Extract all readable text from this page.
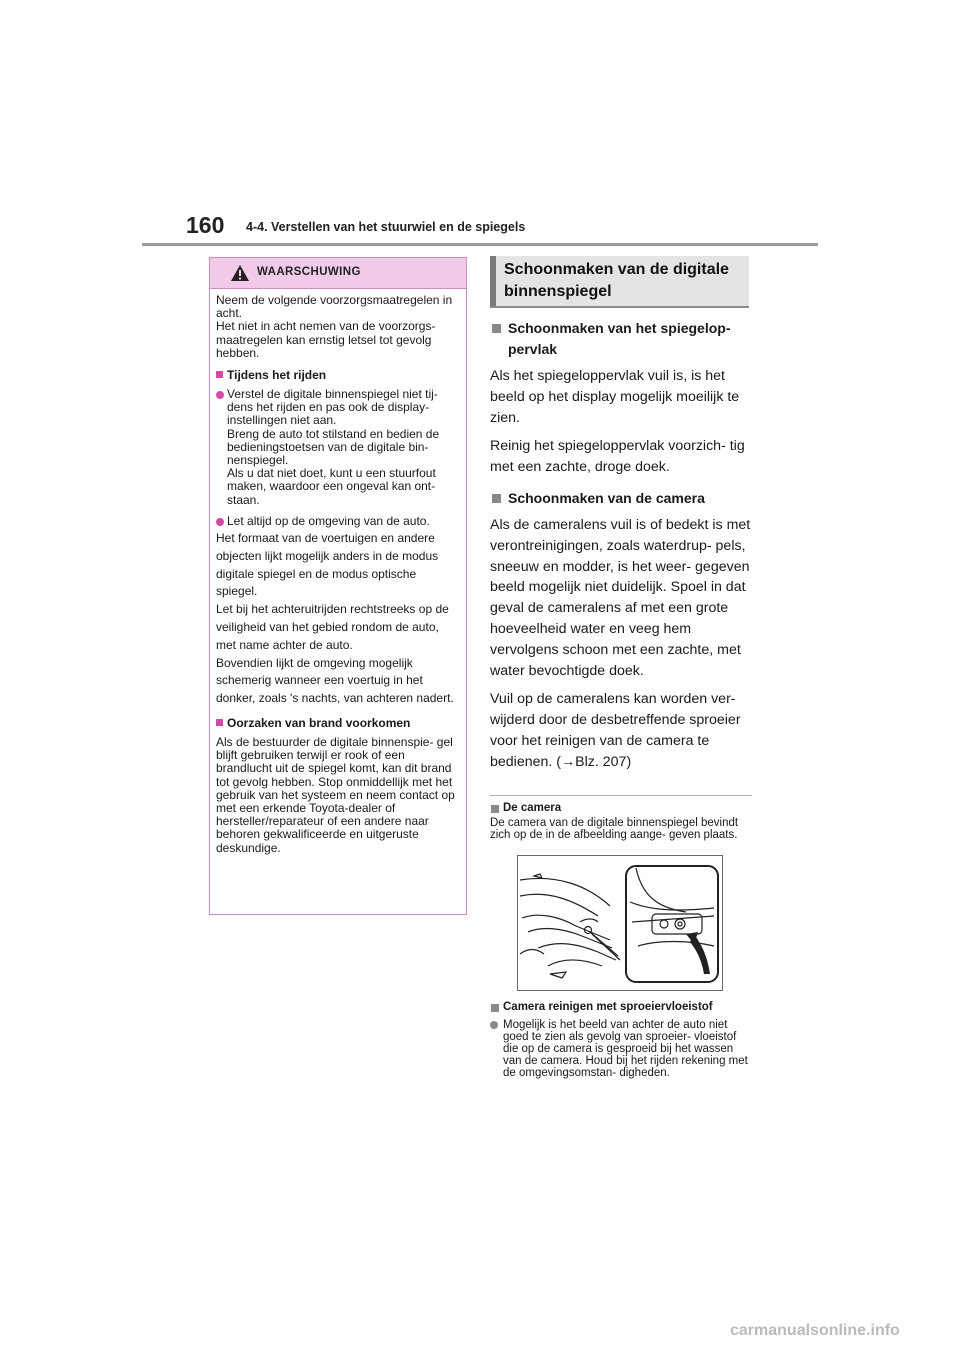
160 4-4. Verstellen van het stuurwiel en de spiegels
WAARSCHUWING

Neem de volgende voorzorgsmaatregelen in acht.
Het niet in acht nemen van de voorzorgs- maatregelen kan ernstig letsel tot gevolg hebben.

Tijdens het rijden

Verstel de digitale binnenspiegel niet tij- dens het rijden en pas ook de display- instellingen niet aan.
Breng de auto tot stilstand en bedien de bedieningstoetsen van de digitale bin- nenspiegel.
Als u dat niet doet, kunt u een stuurfout maken, waardoor een ongeval kan ont- staan.
Let altijd op de omgeving van de auto.

Het formaat van de voertuigen en andere objecten lijkt mogelijk anders in de modus digitale spiegel en de modus optische spiegel.
Let bij het achteruitrijden rechtstreeks op de veiligheid van het gebied rondom de auto, met name achter de auto.
Bovendien lijkt de omgeving mogelijk schemerig wanneer een voertuig in het donker, zoals 's nachts, van achteren nadert.

Oorzaken van brand voorkomen

Als de bestuurder de digitale binnenspie- gel blijft gebruiken terwijl er rook of een brandlucht uit de spiegel komt, kan dit brand tot gevolg hebben. Stop onmiddellijk met het gebruik van het systeem en neem contact op met een erkende Toyota-dealer of hersteller/reparateur of een andere naar behoren gekwalificeerde en uitgeruste deskundige.

Schoonmaken van de digitale binnenspiegel

Schoonmaken van het spiegelop- pervlak

Als het spiegeloppervlak vuil is, is het beeld op het display mogelijk moeilijk te zien.

Reinig het spiegeloppervlak voorzich- tig met een zachte, droge doek.

Schoonmaken van de camera

Als de cameralens vuil is of bedekt is met verontreinigingen, zoals waterdrup- pels, sneeuw en modder, is het weer- gegeven beeld mogelijk niet duidelijk. Spoel in dat geval de cameralens af met een grote hoeveelheid water en veeg hem vervolgens schoon met een zachte, met water bevochtigde doek.

Vuil op de cameralens kan worden ver- wijderd door de desbetreffende sproeier voor het reinigen van de camera te bedienen. (→Blz. 207)

De camera

De camera van de digitale binnenspiegel bevindt zich op de in de afbeelding aange- geven plaats.

Camera reinigen met sproeiervloeistof

Mogelijk is het beeld van achter de auto niet goed te zien als gevolg van sproeier- vloeistof die op de camera is gesproeid bij het wassen van de camera. Houd bij het rijden rekening met de omgevingsomstan- digheden.
carmanualsonline.info
